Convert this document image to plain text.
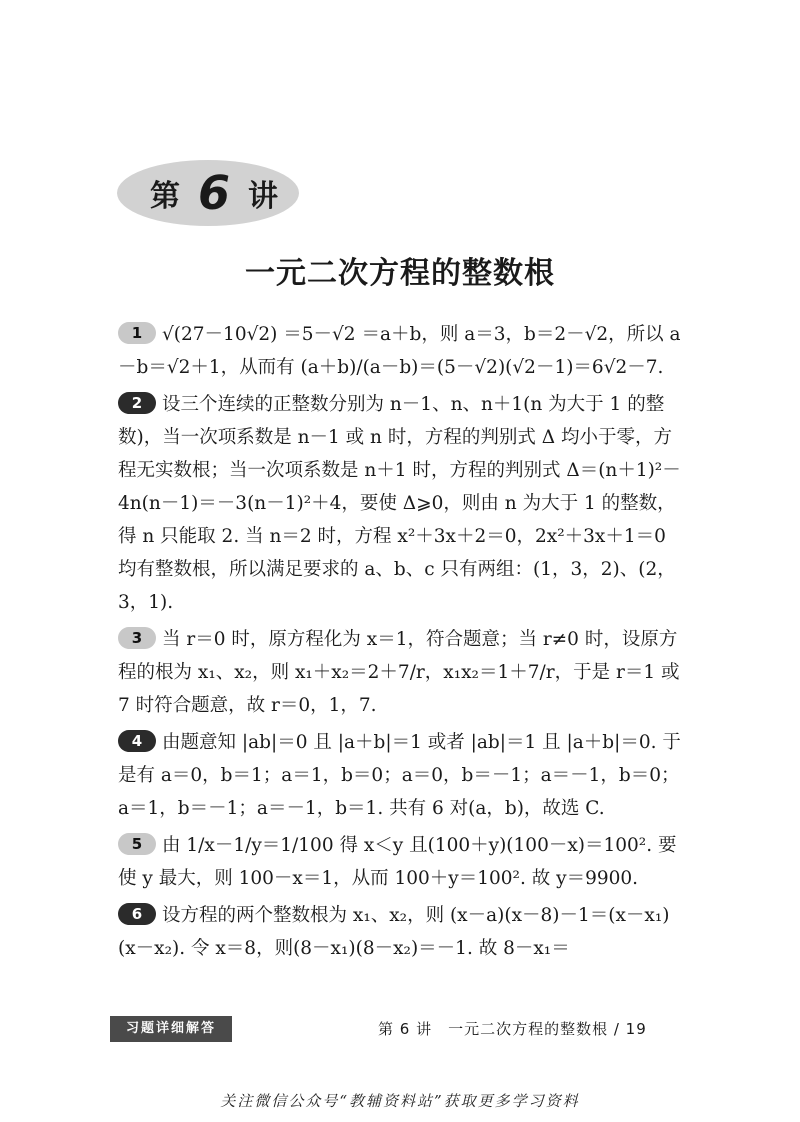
第 6 讲
一元二次方程的整数根

1 √(27－10√2) ＝5－√2 ＝a＋b，则 a＝3，b＝2－√2，所以 a－b＝√2＋1，从而有 (a＋b)/(a－b)＝(5－√2)(√2－1)＝6√2－7.

2 设三个连续的正整数分别为 n－1、n、n＋1(n 为大于 1 的整数)，当一次项系数是 n－1 或 n 时，方程的判别式 Δ 均小于零，方程无实数根；当一次项系数是 n＋1 时，方程的判别式 Δ＝(n＋1)²－4n(n－1)＝－3(n－1)²＋4，要使 Δ⩾0，则由 n 为大于 1 的整数，得 n 只能取 2. 当 n＝2 时，方程 x²＋3x＋2＝0，2x²＋3x＋1＝0 均有整数根，所以满足要求的 a、b、c 只有两组：(1，3，2)、(2，3，1).

3 当 r＝0 时，原方程化为 x＝1，符合题意；当 r≠0 时，设原方程的根为 x₁、x₂，则 x₁＋x₂＝2＋7/r，x₁x₂＝1＋7/r，于是 r＝1 或 7 时符合题意，故 r＝0，1，7.

4 由题意知 |ab|＝0 且 |a＋b|＝1 或者 |ab|＝1 且 |a＋b|＝0. 于是有 a＝0，b＝1；a＝1，b＝0；a＝0，b＝－1；a＝－1，b＝0；a＝1，b＝－1；a＝－1，b＝1. 共有 6 对(a，b)，故选 C.

5 由 1/x－1/y＝1/100 得 x＜y 且(100＋y)(100－x)＝100². 要使 y 最大，则 100－x＝1，从而 100＋y＝100². 故 y＝9900.

6 设方程的两个整数根为 x₁、x₂，则 (x－a)(x－8)－1＝(x－x₁)(x－x₂). 令 x＝8，则(8－x₁)(8－x₂)＝－1. 故 8－x₁＝

习题详细解答	第 6 讲　一元二次方程的整数根 / 19
关注微信公众号“教辅资料站”获取更多学习资料
